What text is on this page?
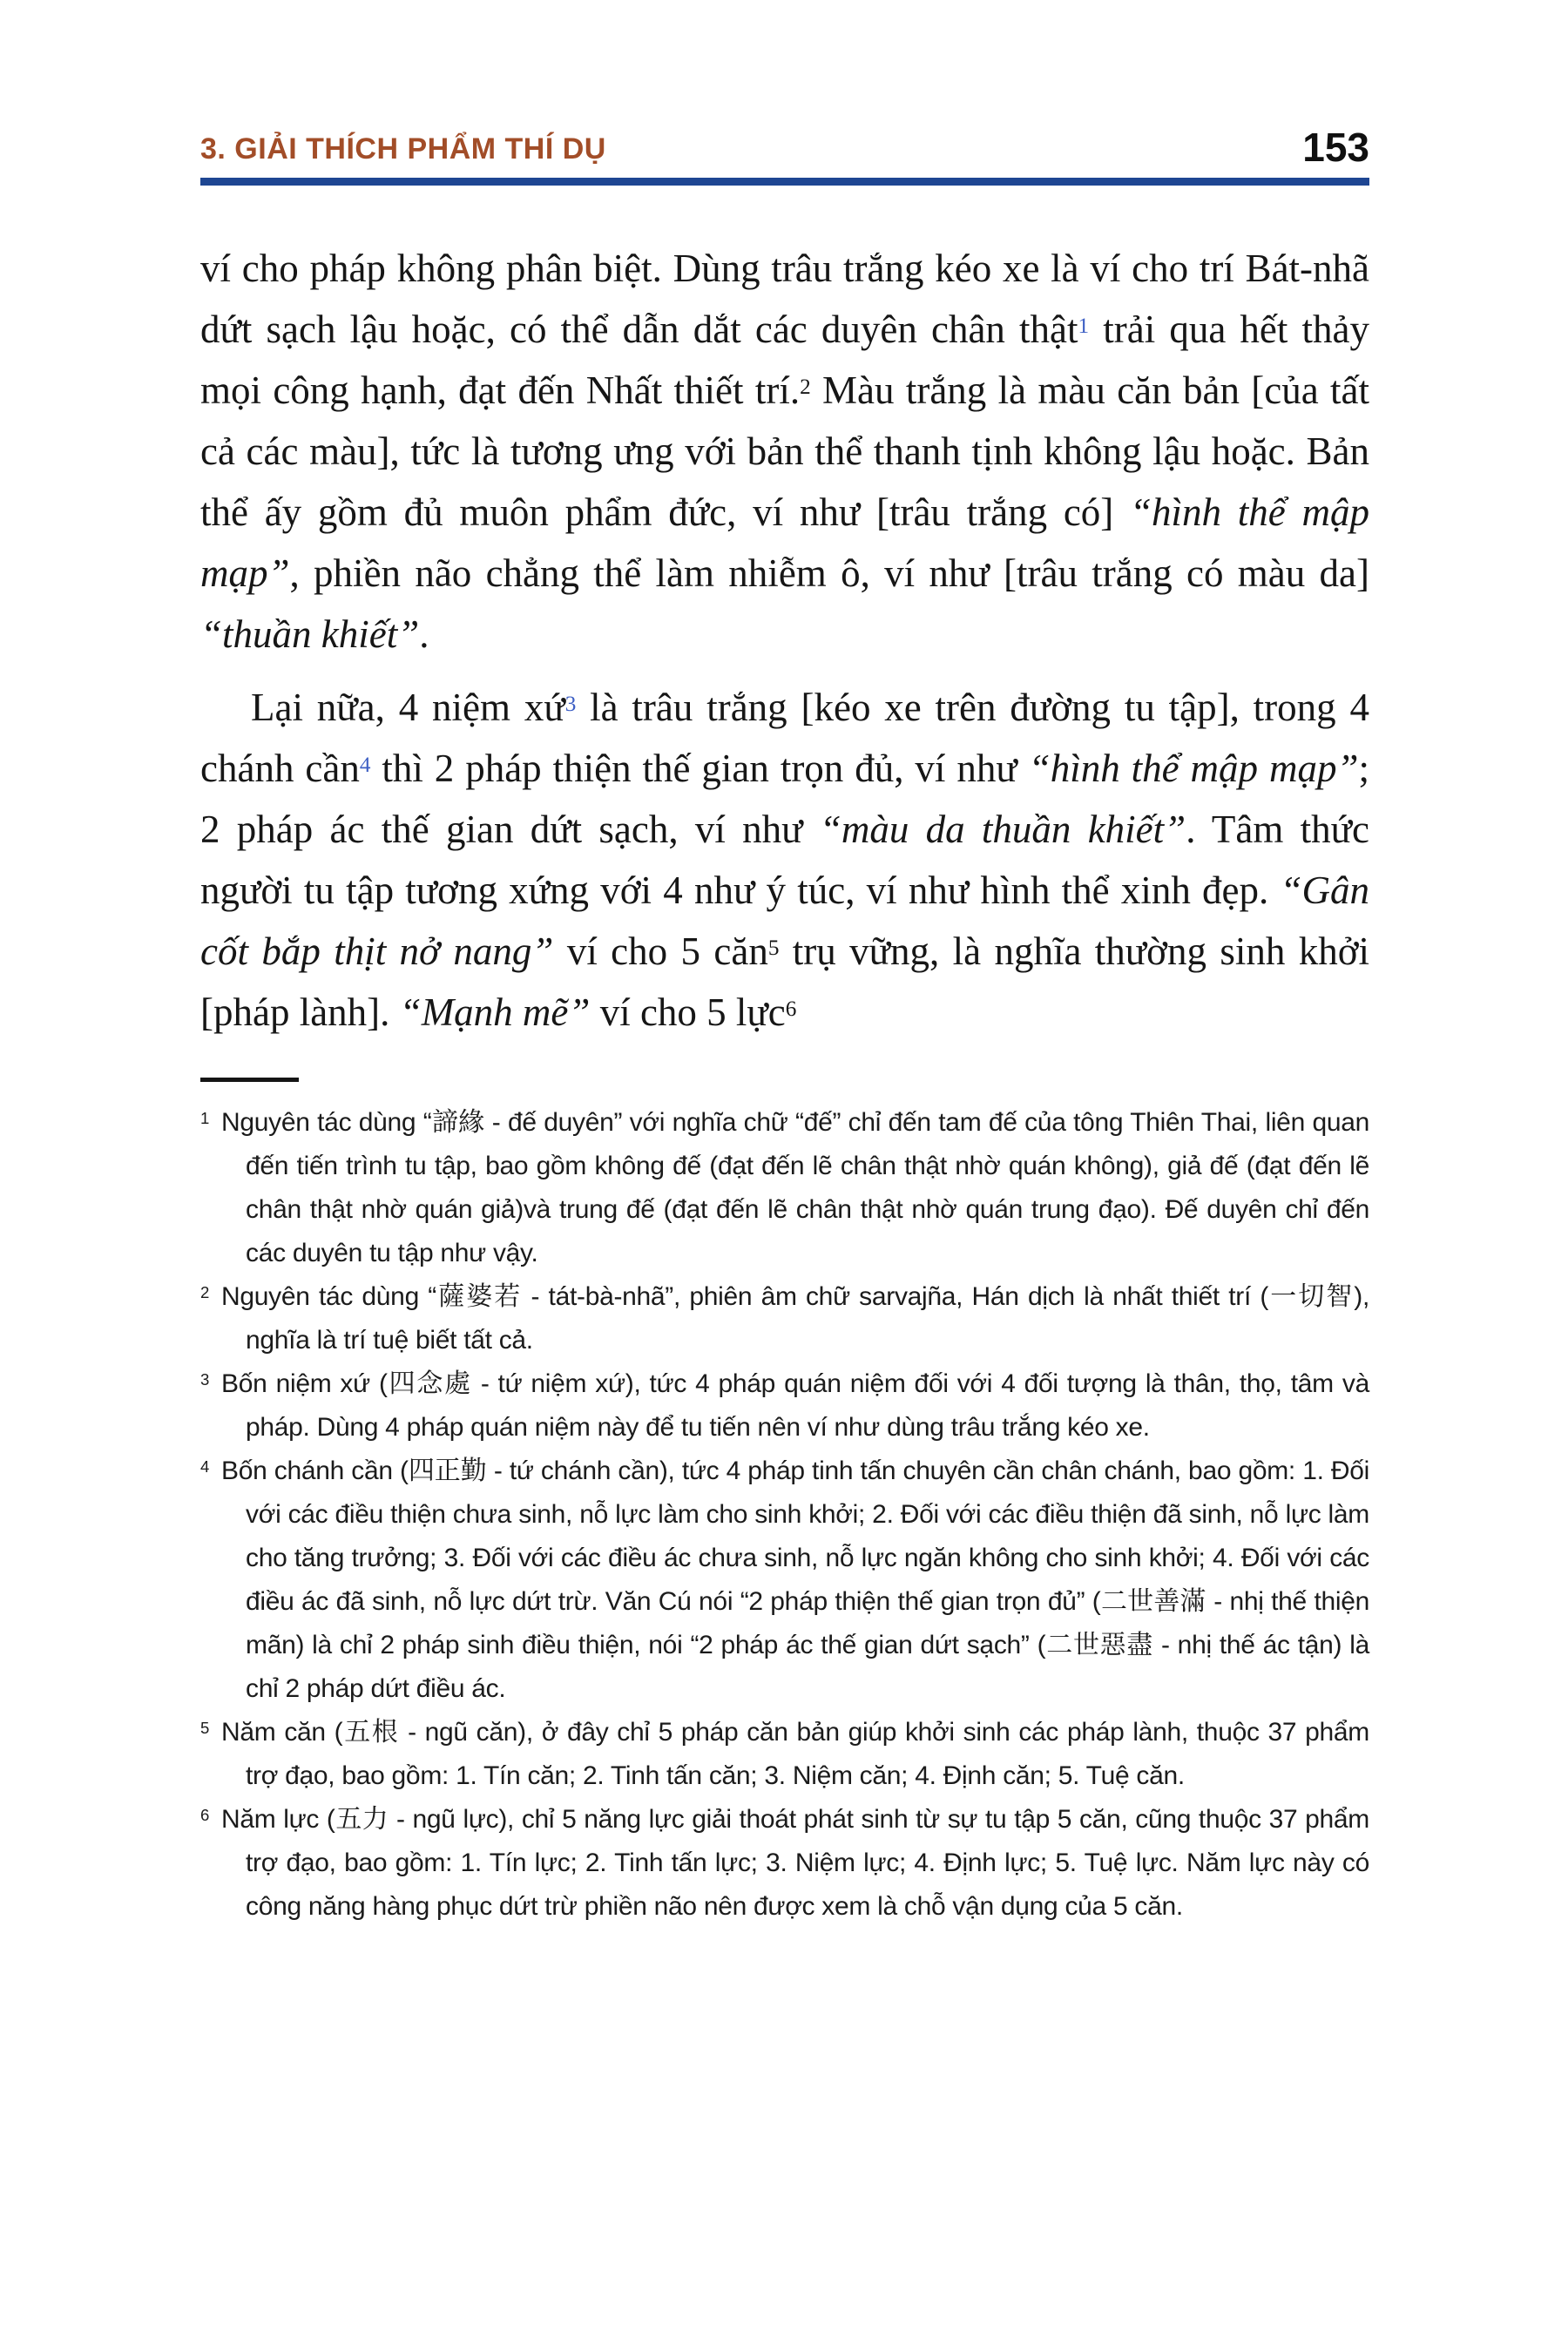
3. GIẢI THÍCH PHẨM THÍ DỤ	153

ví cho pháp không phân biệt. Dùng trâu trắng kéo xe là ví cho trí Bát-nhã dứt sạch lậu hoặc, có thể dẫn dắt các duyên chân thật$^1$ trải qua hết thảy mọi công hạnh, đạt đến Nhất thiết trí.$^2$ Màu trắng là màu căn bản [của tất cả các màu], tức là tương ưng với bản thể thanh tịnh không lậu hoặc. Bản thể ấy gồm đủ muôn phẩm đức, ví như [trâu trắng có] “hình thể mập mạp”, phiền não chẳng thể làm nhiễm ô, ví như [trâu trắng có màu da] “thuần khiết”.

Lại nữa, 4 niệm xứ$^3$ là trâu trắng [kéo xe trên đường tu tập], trong 4 chánh cần$^4$ thì 2 pháp thiện thế gian trọn đủ, ví như “hình thể mập mạp”; 2 pháp ác thế gian dứt sạch, ví như “màu da thuần khiết”. Tâm thức người tu tập tương xứng với 4 như ý túc, ví như hình thể xinh đẹp. “Gân cốt bắp thịt nở nang” ví cho 5 căn$^5$ trụ vững, là nghĩa thường sinh khởi [pháp lành]. “Mạnh mẽ” ví cho 5 lực$^6$

$^1$ Nguyên tác dùng “諦緣 - đế duyên” với nghĩa chữ “đế” chỉ đến tam đế của tông Thiên Thai, liên quan đến tiến trình tu tập, bao gồm không đế (đạt đến lẽ chân thật nhờ quán không), giả đế (đạt đến lẽ chân thật nhờ quán giả)và trung đế (đạt đến lẽ chân thật nhờ quán trung đạo). Đế duyên chỉ đến các duyên tu tập như vậy.
$^2$ Nguyên tác dùng “薩婆若 - tát-bà-nhã”, phiên âm chữ sarvajña, Hán dịch là nhất thiết trí (一切智), nghĩa là trí tuệ biết tất cả.
$^3$ Bốn niệm xứ (四念處 - tứ niệm xứ), tức 4 pháp quán niệm đối với 4 đối tượng là thân, thọ, tâm và pháp. Dùng 4 pháp quán niệm này để tu tiến nên ví như dùng trâu trắng kéo xe.
$^4$ Bốn chánh cần (四正勤 - tứ chánh cần), tức 4 pháp tinh tấn chuyên cần chân chánh, bao gồm: 1. Đối với các điều thiện chưa sinh, nỗ lực làm cho sinh khởi; 2. Đối với các điều thiện đã sinh, nỗ lực làm cho tăng trưởng; 3. Đối với các điều ác chưa sinh, nỗ lực ngăn không cho sinh khởi; 4. Đối với các điều ác đã sinh, nỗ lực dứt trừ. Văn Cú nói “2 pháp thiện thế gian trọn đủ” (二世善滿 - nhị thế thiện mãn) là chỉ 2 pháp sinh điều thiện, nói “2 pháp ác thế gian dứt sạch” (二世惡盡 - nhị thế ác tận) là chỉ 2 pháp dứt điều ác.
$^5$ Năm căn (五根 - ngũ căn), ở đây chỉ 5 pháp căn bản giúp khởi sinh các pháp lành, thuộc 37 phẩm trợ đạo, bao gồm: 1. Tín căn; 2. Tinh tấn căn; 3. Niệm căn; 4. Định căn; 5. Tuệ căn.
$^6$ Năm lực (五力 - ngũ lực), chỉ 5 năng lực giải thoát phát sinh từ sự tu tập 5 căn, cũng thuộc 37 phẩm trợ đạo, bao gồm: 1. Tín lực; 2. Tinh tấn lực; 3. Niệm lực; 4. Định lực; 5. Tuệ lực. Năm lực này có công năng hàng phục dứt trừ phiền não nên được xem là chỗ vận dụng của 5 căn.
